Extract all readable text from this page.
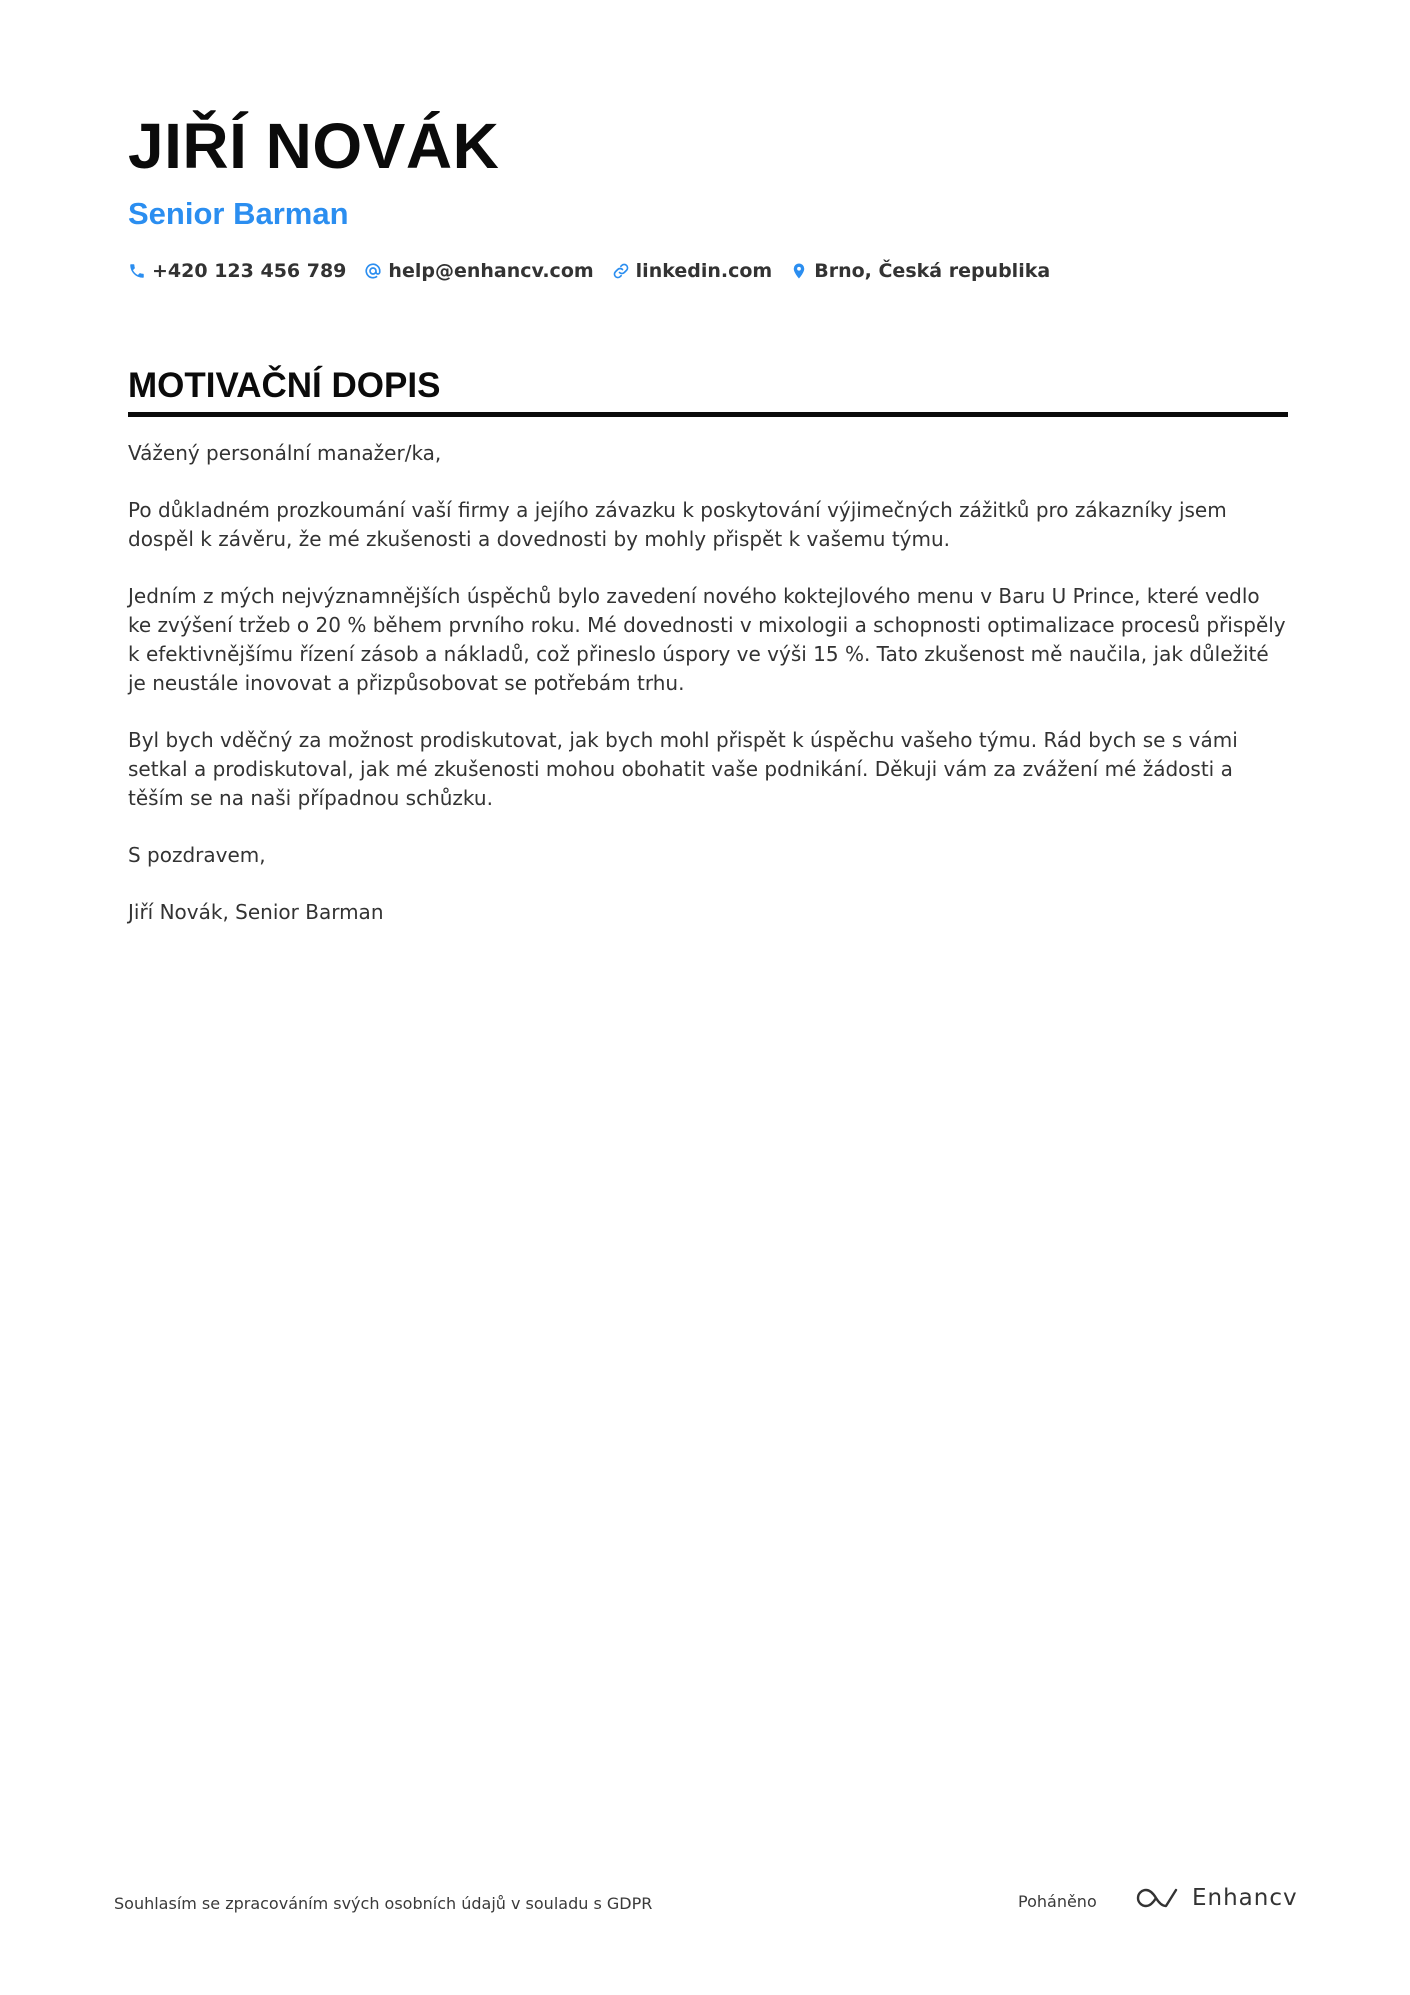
JIŘÍ NOVÁK
Senior Barman
+420 123 456 789 help@enhancv.com linkedin.com Brno, Česká republika
MOTIVAČNÍ DOPIS

Vážený personální manažer/ka,

Po důkladném prozkoumání vaší firmy a jejího závazku k poskytování výjimečných zážitků pro zákazníky jsem dospěl k závěru, že mé zkušenosti a dovednosti by mohly přispět k vašemu týmu.

Jedním z mých nejvýznamnějších úspěchů bylo zavedení nového koktejlového menu v Baru U Prince, které vedlo ke zvýšení tržeb o 20 % během prvního roku. Mé dovednosti v mixologii a schopnosti optimalizace procesů přispěly k efektivnějšímu řízení zásob a nákladů, což přineslo úspory ve výši 15 %. Tato zkušenost mě naučila, jak důležité je neustále inovovat a přizpůsobovat se potřebám trhu.

Byl bych vděčný za možnost prodiskutovat, jak bych mohl přispět k úspěchu vašeho týmu. Rád bych se s vámi setkal a prodiskutoval, jak mé zkušenosti mohou obohatit vaše podnikání. Děkuji vám za zvážení mé žádosti a těším se na naši případnou schůzku.

S pozdravem,

Jiří Novák, Senior Barman

Souhlasím se zpracováním svých osobních údajů v souladu s GDPR	Poháněno	Enhancv
